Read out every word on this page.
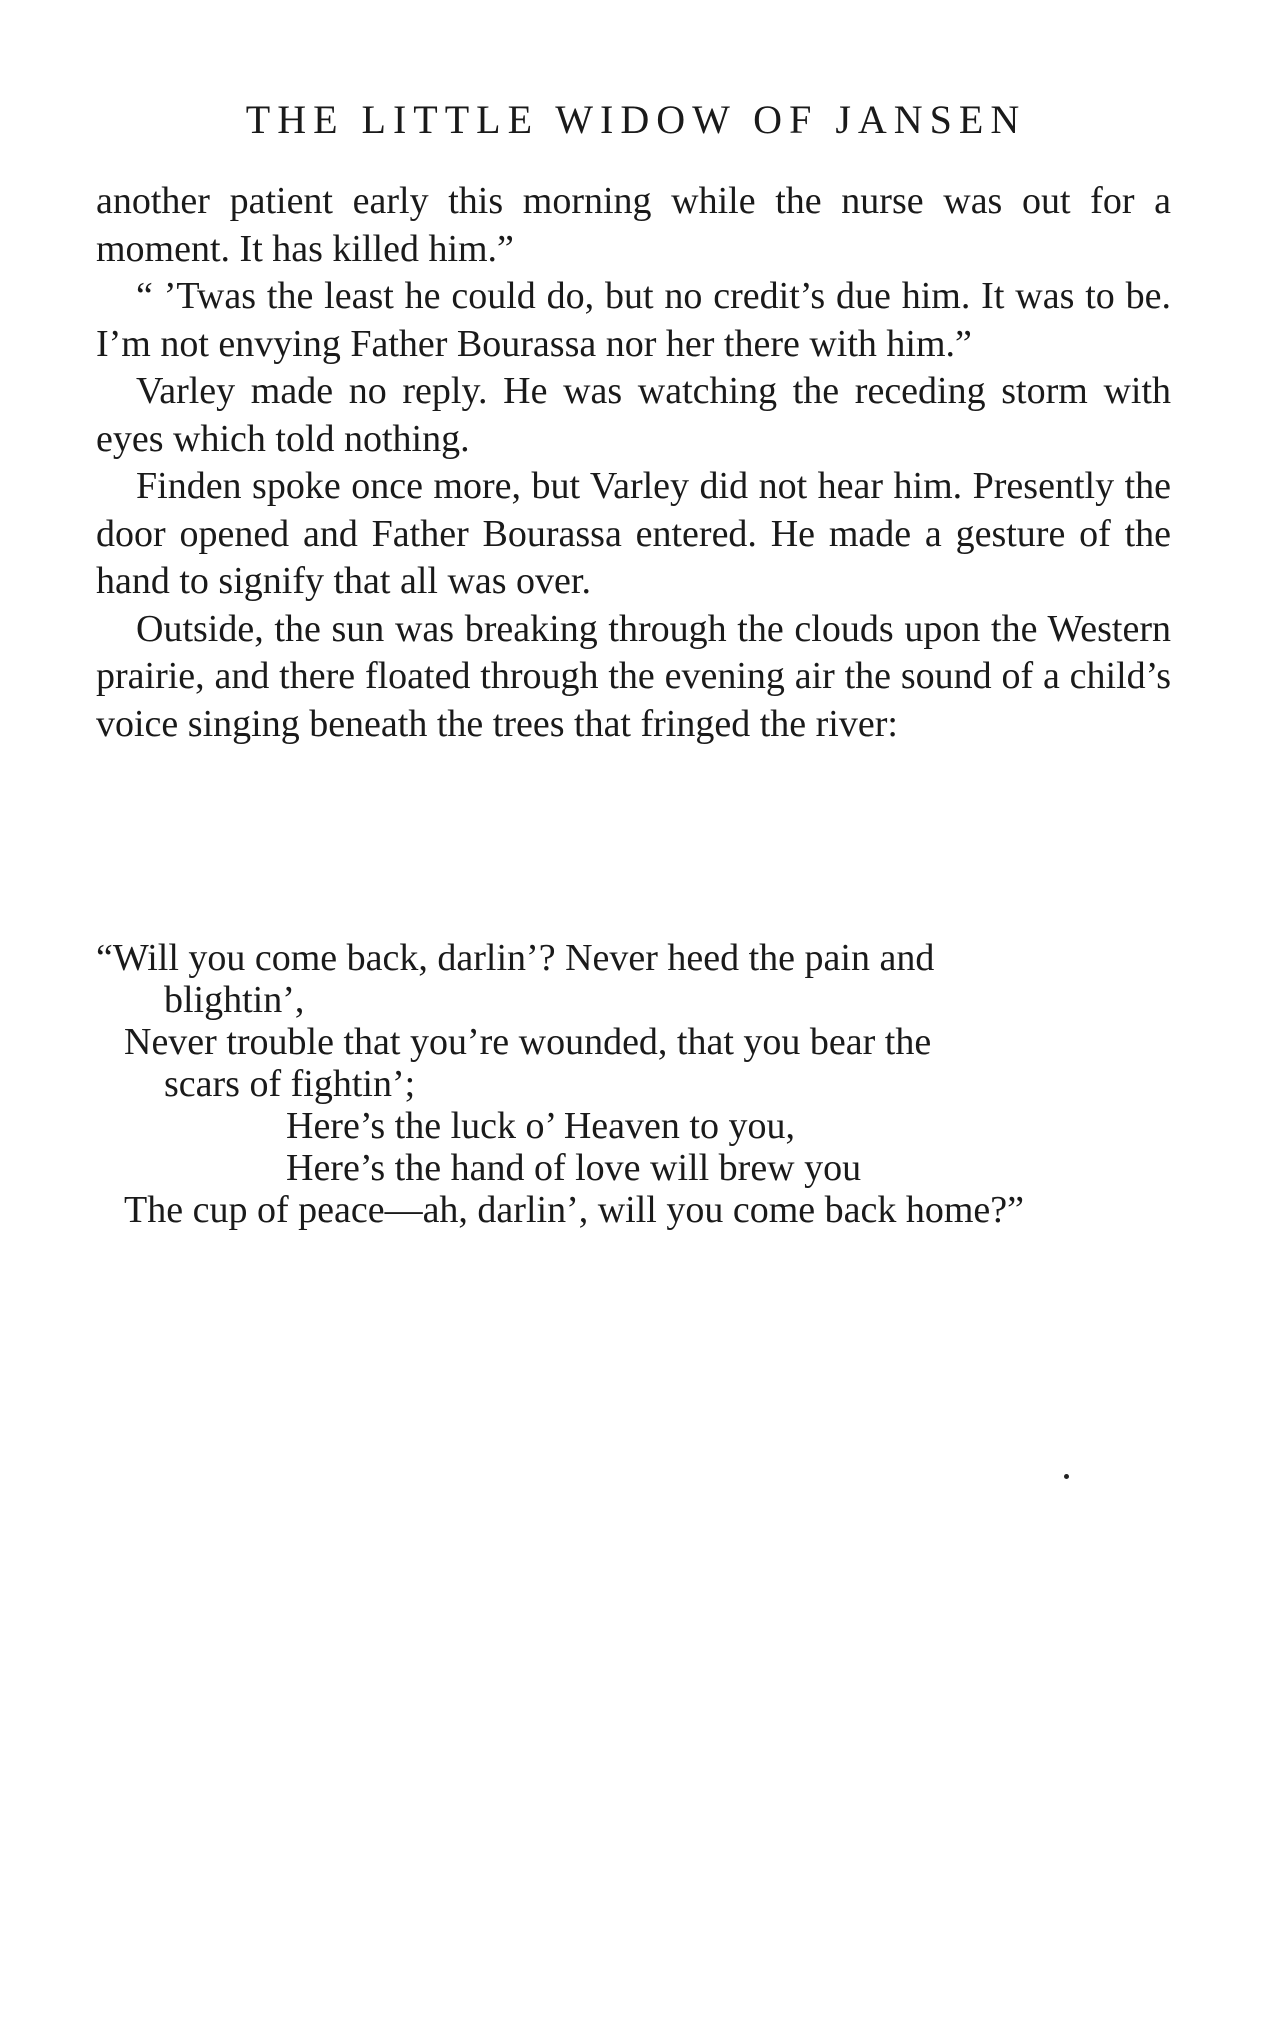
THE LITTLE WIDOW OF JANSEN

another patient early this morning while the nurse was out for a moment. It has killed him.”

“ ’Twas the least he could do, but no credit’s due him. It was to be. I’m not envying Father Bourassa nor her there with him.”

Varley made no reply. He was watching the receding storm with eyes which told nothing.

Finden spoke once more, but Varley did not hear him. Presently the door opened and Father Bourassa entered. He made a gesture of the hand to signify that all was over.

Outside, the sun was breaking through the clouds upon the Western prairie, and there floated through the evening air the sound of a child’s voice singing beneath the trees that fringed the river:

“Will you come back, darlin’? Never heed the pain and

blightin’,

Never trouble that you’re wounded, that you bear the

scars of fightin’;

Here’s the luck o’ Heaven to you,

Here’s the hand of love will brew you

The cup of peace—ah, darlin’, will you come back home?”
